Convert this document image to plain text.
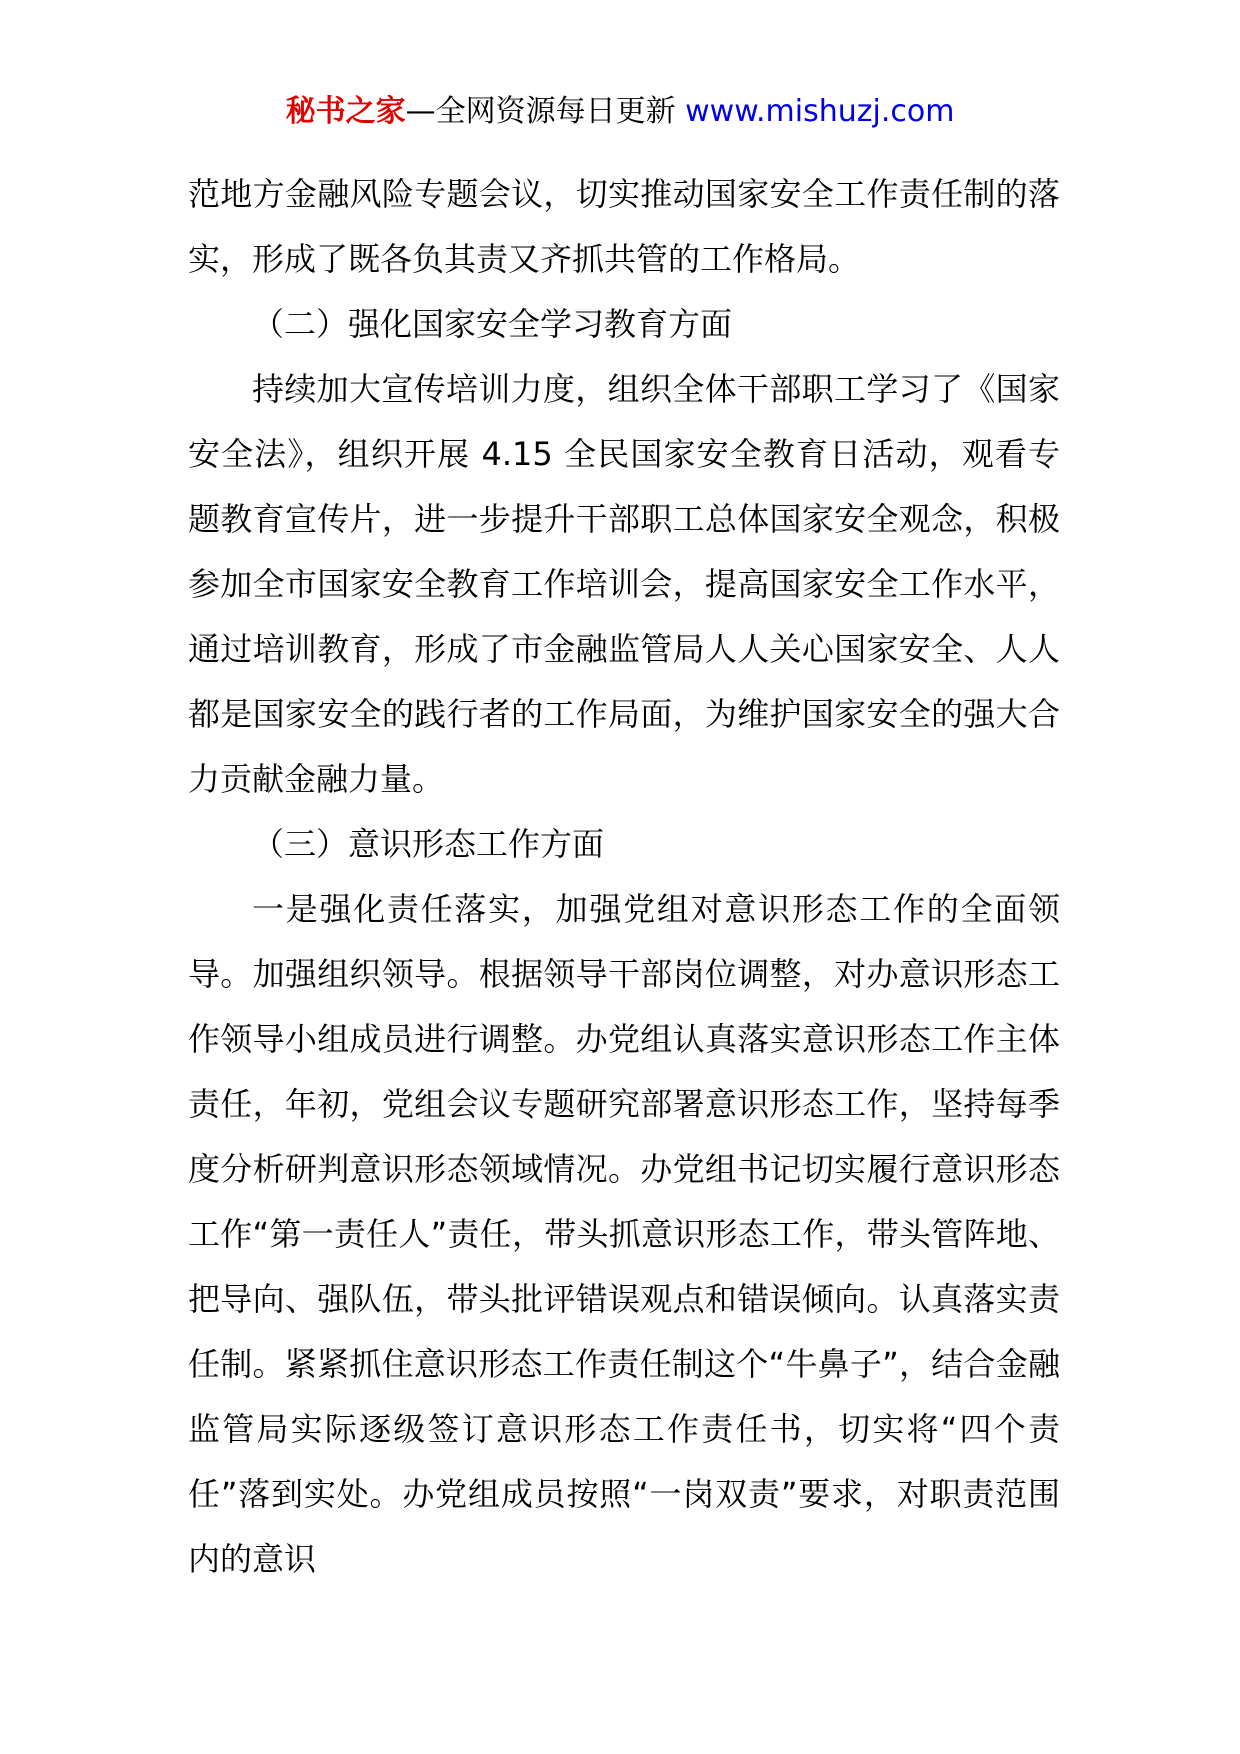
秘书之家—全网资源每日更新 www.mishuzj.com

范地方金融风险专题会议，切实推动国家安全工作责任制的落实，形成了既各负其责又齐抓共管的工作格局。

（二）强化国家安全学习教育方面

持续加大宣传培训力度，组织全体干部职工学习了《国家安全法》，组织开展 4.15 全民国家安全教育日活动，观看专题教育宣传片，进一步提升干部职工总体国家安全观念，积极参加全市国家安全教育工作培训会，提高国家安全工作水平，通过培训教育，形成了市金融监管局人人关心国家安全、人人都是国家安全的践行者的工作局面，为维护国家安全的强大合力贡献金融力量。

（三）意识形态工作方面

一是强化责任落实，加强党组对意识形态工作的全面领导。加强组织领导。根据领导干部岗位调整，对办意识形态工作领导小组成员进行调整。办党组认真落实意识形态工作主体责任，年初，党组会议专题研究部署意识形态工作，坚持每季度分析研判意识形态领域情况。办党组书记切实履行意识形态工作“第一责任人”责任，带头抓意识形态工作，带头管阵地、把导向、强队伍，带头批评错误观点和错误倾向。认真落实责任制。紧紧抓住意识形态工作责任制这个“牛鼻子”，结合金融监管局实际逐级签订意识形态工作责任书，切实将“四个责任”落到实处。办党组成员按照“一岗双责”要求，对职责范围内的意识
